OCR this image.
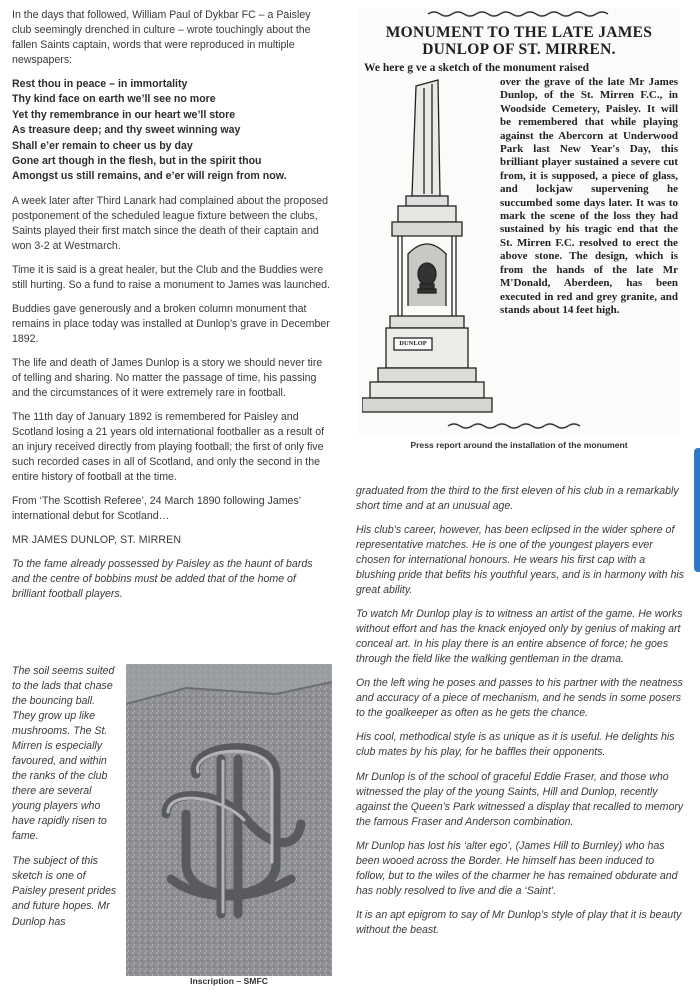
In the days that followed, William Paul of Dykbar FC – a Paisley club seemingly drenched in culture – wrote touchingly about the fallen Saints captain, words that were reproduced in multiple newspapers:

Rest thou in peace – in immortality
Thy kind face on earth we’ll see no more
Yet thy remembrance in our heart we’ll store
As treasure deep; and thy sweet winning way
Shall e’er remain to cheer us by day
Gone art though in the flesh, but in the spirit thou
Amongst us still remains, and e’er will reign from now.

A week later after Third Lanark had complained about the proposed postponement of the scheduled league fixture between the clubs, Saints played their first match since the death of their captain and won 3-2 at Westmarch.

Time it is said is a great healer, but the Club and the Buddies were still hurting. So a fund to raise a monument to James was launched.

Buddies gave generously and a broken column monument that remains in place today was installed at Dunlop’s grave in December 1892.

The life and death of James Dunlop is a story we should never tire of telling and sharing. No matter the passage of time, his passing and the circumstances of it were extremely rare in football.

The 11th day of January 1892 is remembered for Paisley and Scotland losing a 21 years old international footballer as a result of an injury received directly from playing football; the first of only five such recorded cases in all of Scotland, and only the second in the entire history of football at the time.

From ‘The Scottish Referee’, 24 March 1890 following James’ international debut for Scotland…

MR JAMES DUNLOP, ST. MIRREN

To the fame already possessed by Paisley as the haunt of bards and the centre of bobbins must be added that of the home of brilliant football players.

The soil seems suited to the lads that chase the bouncing ball. They grow up like mushrooms. The St. Mirren is especially favoured, and within the ranks of the club there are several young players who have rapidly risen to fame.

The subject of this sketch is one of Paisley present prides and future hopes. Mr Dunlop has

Inscription – SMFC
MONUMENT TO THE LATE JAMES
DUNLOP OF ST. MIRREN.
We here g ve a sketch of the monument raised
DUNLOP
over the grave of the late Mr James Dunlop, of the St. Mirren F.C., in Woodside Cemetery, Paisley. It will be remembered that while playing against the Abercorn at Underwood Park last New Year's Day, this brilliant player sustained a severe cut from, it is supposed, a piece of glass, and lockjaw supervening he succumbed some days later. It was to mark the scene of the loss they had sustained by his tragic end that the St. Mirren F.C. resolved to erect the above stone. The design, which is from the hands of the late Mr M'Donald, Aberdeen, has been executed in red and grey granite, and stands about 14 feet high.
Press report around the installation of the monument

graduated from the third to the first eleven of his club in a remarkably short time and at an unusual age.

His club’s career, however, has been eclipsed in the wider sphere of representative matches. He is one of the youngest players ever chosen for international honours. He wears his first cap with a blushing pride that befits his youthful years, and is in harmony with his great ability.

To watch Mr Dunlop play is to witness an artist of the game. He works without effort and has the knack enjoyed only by genius of making art conceal art. In his play there is an entire absence of force; he goes through the field like the walking gentleman in the drama.

On the left wing he poses and passes to his partner with the neatness and accuracy of a piece of mechanism, and he sends in some posers to the goalkeeper as often as he gets the chance.

His cool, methodical style is as unique as it is useful. He delights his club mates by his play, for he baffles their opponents.

Mr Dunlop is of the school of graceful Eddie Fraser, and those who witnessed the play of the young Saints, Hill and Dunlop, recently against the Queen’s Park witnessed a display that recalled to memory the famous Fraser and Anderson combination.

Mr Dunlop has lost his ‘alter ego’, (James Hill to Burnley) who has been wooed across the Border. He himself has been induced to follow, but to the wiles of the charmer he has remained obdurate and has nobly resolved to live and die a ‘Saint’.

It is an apt epigrom to say of Mr Dunlop’s style of play that it is beauty without the beast.
